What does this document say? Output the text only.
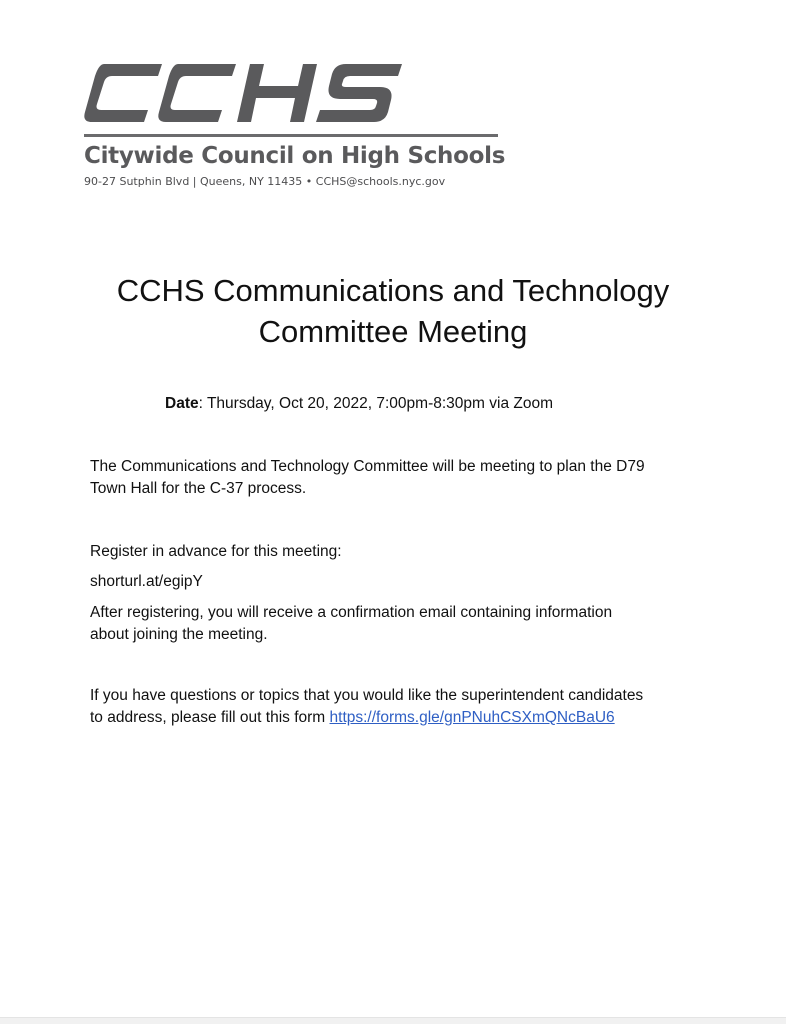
Citywide Council on High Schools
90-27 Sutphin Blvd | Queens, NY 11435 • CCHS@schools.nyc.gov
CCHS Communications and Technology
Committee Meeting

Date: Thursday, Oct 20, 2022, 7:00pm-8:30pm via Zoom

The Communications and Technology Committee will be meeting to plan the D79
Town Hall for the C-37 process.

Register in advance for this meeting:

shorturl.at/egipY

After registering, you will receive a confirmation email containing information
about joining the meeting.

If you have questions or topics that you would like the superintendent candidates
to address, please fill out this form https://forms.gle/gnPNuhCSXmQNcBaU6
